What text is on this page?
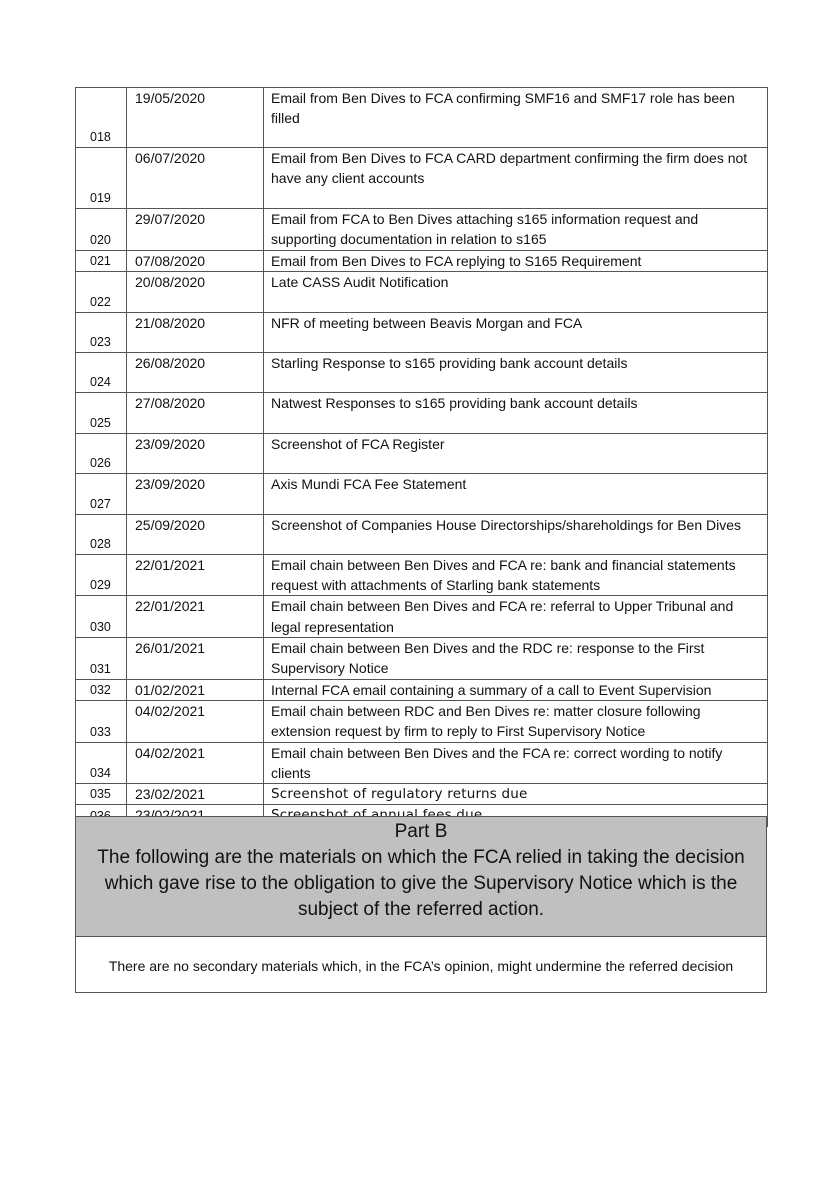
018	19/05/2020	Email from Ben Dives to FCA confirming SMF16 and SMF17 role has been filled
019	06/07/2020	Email from Ben Dives to FCA CARD department confirming the firm does not have any client accounts
020	29/07/2020	Email from FCA to Ben Dives attaching s165 information request and supporting documentation in relation to s165
021	07/08/2020	Email from Ben Dives to FCA replying to S165 Requirement
022	20/08/2020	Late CASS Audit Notification
023	21/08/2020	NFR of meeting between Beavis Morgan and FCA
024	26/08/2020	Starling Response to s165 providing bank account details
025	27/08/2020	Natwest Responses to s165 providing bank account details
026	23/09/2020	Screenshot of FCA Register
027	23/09/2020	Axis Mundi FCA Fee Statement
028	25/09/2020	Screenshot of Companies House Directorships/shareholdings for Ben Dives
029	22/01/2021	Email chain between Ben Dives and FCA re: bank and financial statements request with attachments of Starling bank statements
030	22/01/2021	Email chain between Ben Dives and FCA re: referral to Upper Tribunal and legal representation
031	26/01/2021	Email chain between Ben Dives and the RDC re: response to the First Supervisory Notice
032	01/02/2021	Internal FCA email containing a summary of a call to Event Supervision
033	04/02/2021	Email chain between RDC and Ben Dives re: matter closure following extension request by firm to reply to First Supervisory Notice
034	04/02/2021	Email chain between Ben Dives and the FCA re: correct wording to notify clients
035	23/02/2021	Screenshot of regulatory returns due

Part B
The following are the materials on which the FCA relied in taking the decision which gave rise to the obligation to give the Supervisory Notice which is the subject of the referred action.
There are no secondary materials which, in the FCA’s opinion, might undermine the referred decision
